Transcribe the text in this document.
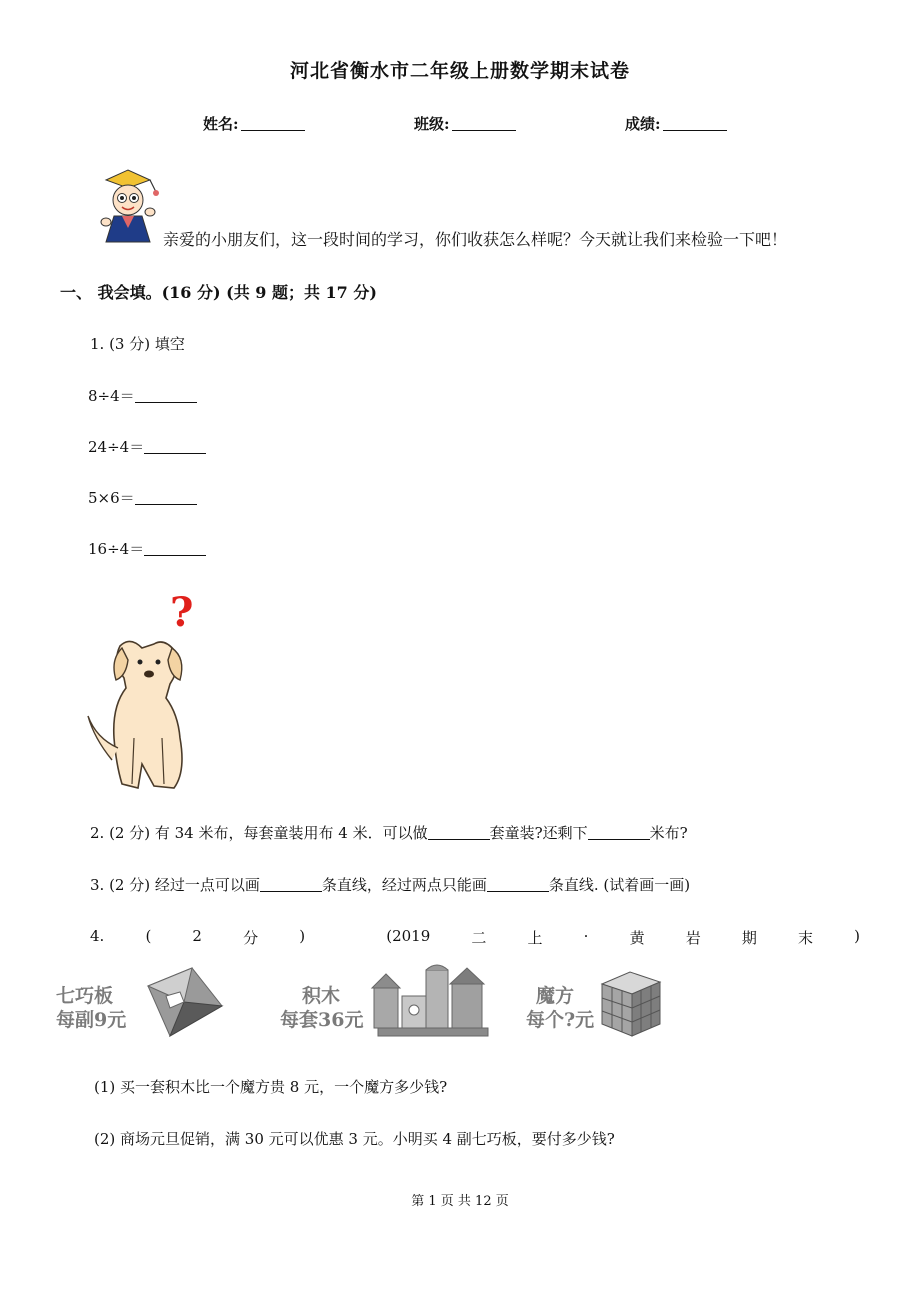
河北省衡水市二年级上册数学期末试卷
姓名:	班级:	成绩:
亲爱的小朋友们，这一段时间的学习，你们收获怎么样呢？今天就让我们来检验一下吧！
一、 我会填。(16 分) (共 9 题；共 17 分)
1. (3 分) 填空
8÷4＝
24÷4＝
5×6＝
16÷4＝
?
2. (2 分) 有 34 米布，每套童装用布 4 米．可以做	套童装?还剩下	米布?
3. (2 分) 经过一点可以画	条直线，经过两点只能画	条直线. (试着画一画)
4.	(	2	分	)	(2019	二	上	·	黄	岩	期	末	)
七巧板
每副9元
积木
每套36元
魔方
每个?元
(1) 买一套积木比一个魔方贵 8 元，一个魔方多少钱?
(2) 商场元旦促销，满 30 元可以优惠 3 元。小明买 4 副七巧板，要付多少钱?
第 1 页 共 12 页
